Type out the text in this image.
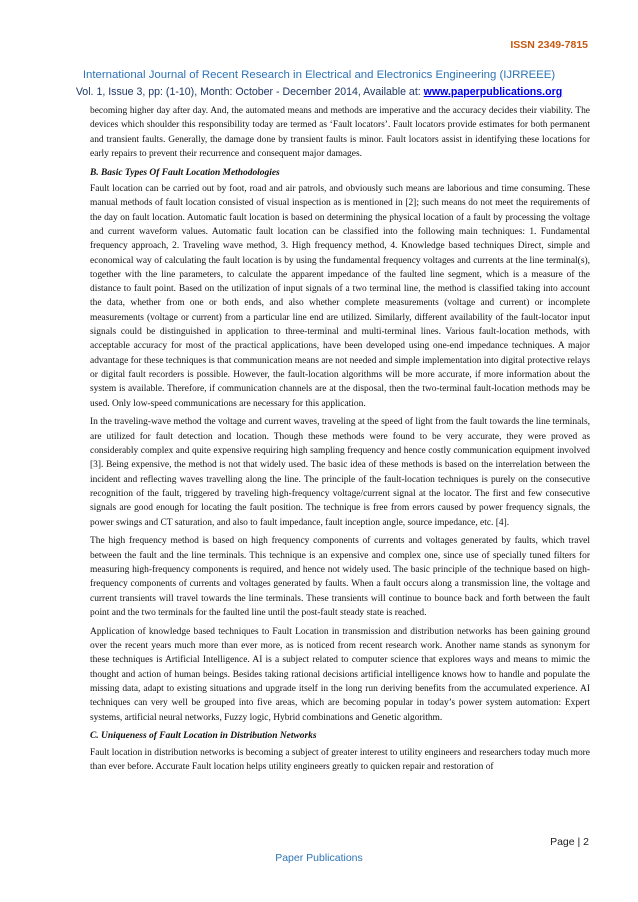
ISSN 2349-7815
International Journal of Recent Research in Electrical and Electronics Engineering (IJRREEE)
Vol. 1, Issue 3, pp: (1-10), Month: October - December 2014, Available at: www.paperpublications.org

becoming higher day after day. And, the automated means and methods are imperative and the accuracy decides their viability. The devices which shoulder this responsibility today are termed as ‘Fault locators’. Fault locators provide estimates for both permanent and transient faults. Generally, the damage done by transient faults is minor. Fault locators assist in identifying these locations for early repairs to prevent their recurrence and consequent major damages.

B. Basic Types Of Fault Location Methodologies

Fault location can be carried out by foot, road and air patrols, and obviously such means are laborious and time consuming. These manual methods of fault location consisted of visual inspection as is mentioned in [2]; such means do not meet the requirements of the day on fault location. Automatic fault location is based on determining the physical location of a fault by processing the voltage and current waveform values. Automatic fault location can be classified into the following main techniques: 1. Fundamental frequency approach, 2. Traveling wave method, 3. High frequency method, 4. Knowledge based techniques Direct, simple and economical way of calculating the fault location is by using the fundamental frequency voltages and currents at the line terminal(s), together with the line parameters, to calculate the apparent impedance of the faulted line segment, which is a measure of the distance to fault point. Based on the utilization of input signals of a two terminal line, the method is classified taking into account the data, whether from one or both ends, and also whether complete measurements (voltage and current) or incomplete measurements (voltage or current) from a particular line end are utilized. Similarly, different availability of the fault-locator input signals could be distinguished in application to three-terminal and multi-terminal lines. Various fault-location methods, with acceptable accuracy for most of the practical applications, have been developed using one-end impedance techniques. A major advantage for these techniques is that communication means are not needed and simple implementation into digital protective relays or digital fault recorders is possible. However, the fault-location algorithms will be more accurate, if more information about the system is available. Therefore, if communication channels are at the disposal, then the two-terminal fault-location methods may be used. Only low-speed communications are necessary for this application.

In the traveling-wave method the voltage and current waves, traveling at the speed of light from the fault towards the line terminals, are utilized for fault detection and location. Though these methods were found to be very accurate, they were proved as considerably complex and quite expensive requiring high sampling frequency and hence costly communication equipment involved [3]. Being expensive, the method is not that widely used. The basic idea of these methods is based on the interrelation between the incident and reflecting waves travelling along the line. The principle of the fault-location techniques is purely on the consecutive recognition of the fault, triggered by traveling high-frequency voltage/current signal at the locator. The first and few consecutive signals are good enough for locating the fault position. The technique is free from errors caused by power frequency signals, the power swings and CT saturation, and also to fault impedance, fault inception angle, source impedance, etc. [4].

The high frequency method is based on high frequency components of currents and voltages generated by faults, which travel between the fault and the line terminals. This technique is an expensive and complex one, since use of specially tuned filters for measuring high-frequency components is required, and hence not widely used. The basic principle of the technique based on high-frequency components of currents and voltages generated by faults. When a fault occurs along a transmission line, the voltage and current transients will travel towards the line terminals. These transients will continue to bounce back and forth between the fault point and the two terminals for the faulted line until the post-fault steady state is reached.

Application of knowledge based techniques to Fault Location in transmission and distribution networks has been gaining ground over the recent years much more than ever more, as is noticed from recent research work. Another name stands as synonym for these techniques is Artificial Intelligence. AI is a subject related to computer science that explores ways and means to mimic the thought and action of human beings. Besides taking rational decisions artificial intelligence knows how to handle and populate the missing data, adapt to existing situations and upgrade itself in the long run deriving benefits from the accumulated experience. AI techniques can very well be grouped into five areas, which are becoming popular in today’s power system automation: Expert systems, artificial neural networks, Fuzzy logic, Hybrid combinations and Genetic algorithm.

C. Uniqueness of Fault Location in Distribution Networks

Fault location in distribution networks is becoming a subject of greater interest to utility engineers and researchers today much more than ever before. Accurate Fault location helps utility engineers greatly to quicken repair and restoration of

Page | 2
Paper Publications
